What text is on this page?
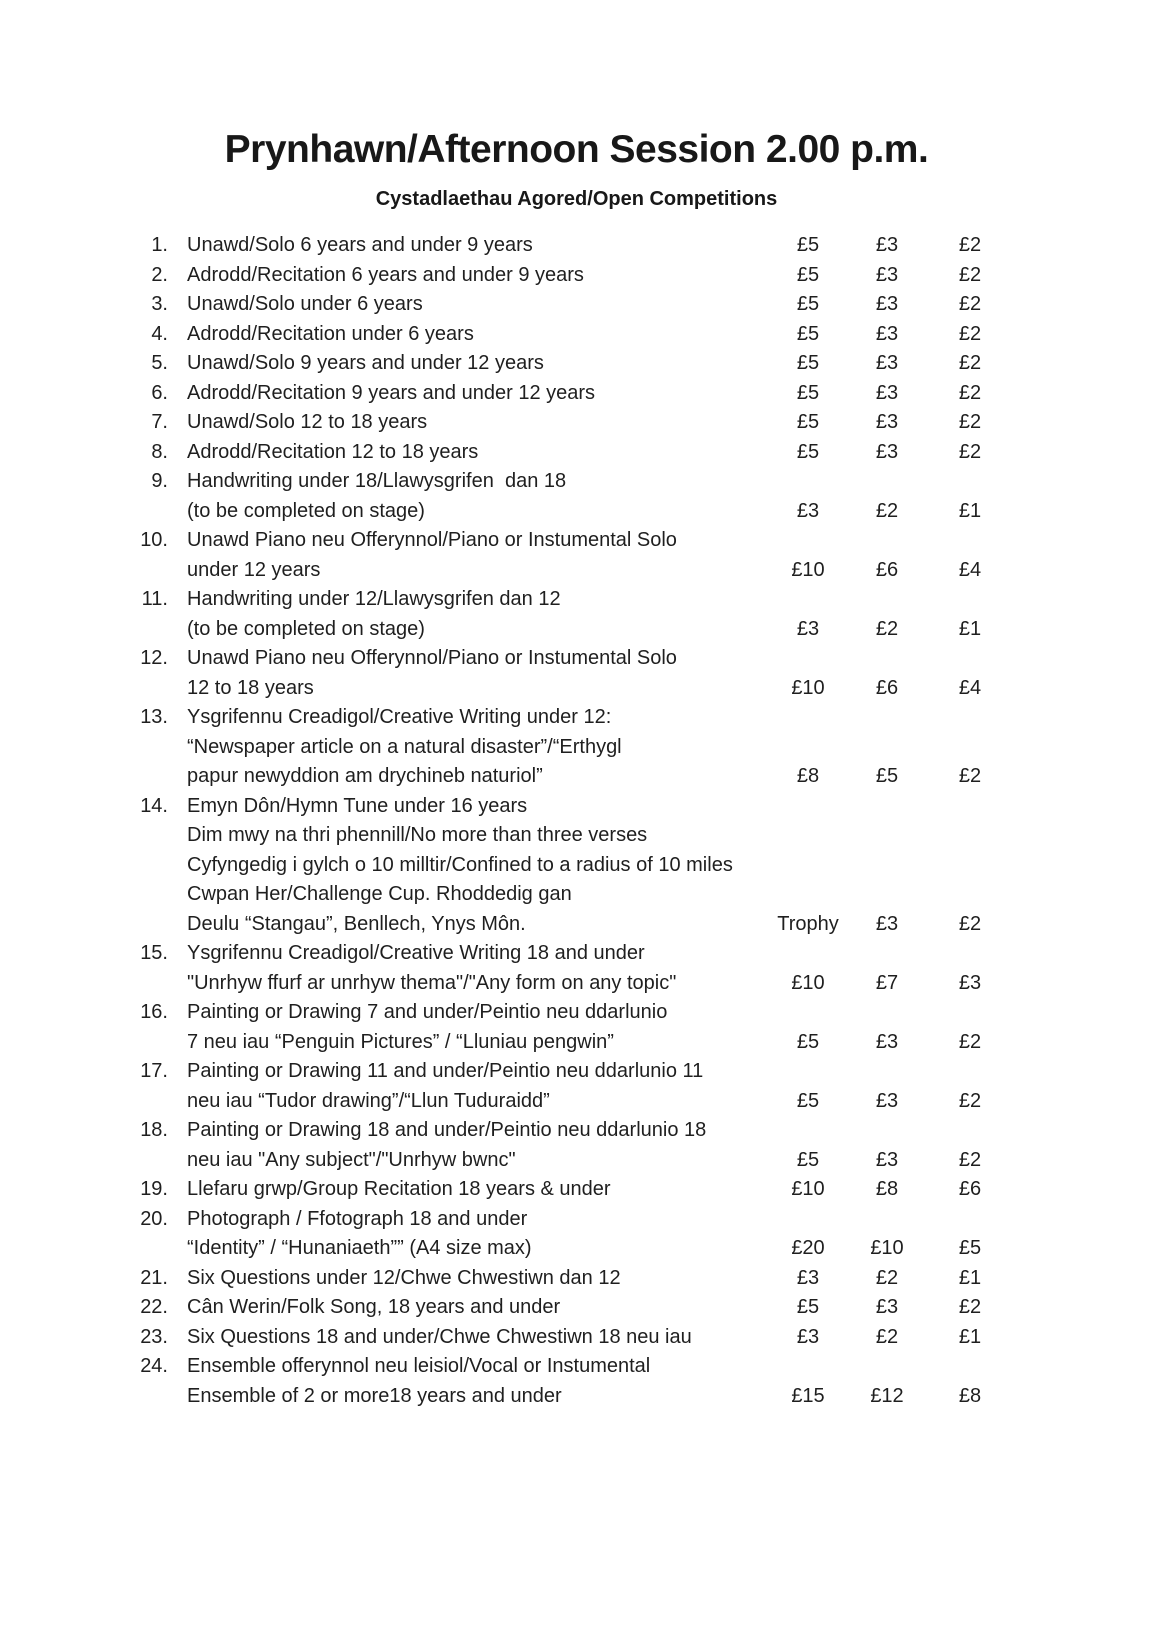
Prynhawn/Afternoon Session 2.00 p.m.
Cystadlaethau Agored/Open Competitions
1. Unawd/Solo 6 years and under 9 years	£5	£3	£2
2. Adrodd/Recitation 6 years and under 9 years	£5	£3	£2
3. Unawd/Solo under 6 years	£5	£3	£2
4. Adrodd/Recitation under 6 years	£5	£3	£2
5. Unawd/Solo 9 years and under 12 years	£5	£3	£2
6. Adrodd/Recitation 9 years and under 12 years	£5	£3	£2
7. Unawd/Solo 12 to 18 years	£5	£3	£2
8. Adrodd/Recitation 12 to 18 years	£5	£3	£2
9. Handwriting under 18/Llawysgrifen  dan 18
(to be completed on stage)	£3	£2	£1
10. Unawd Piano neu Offerynnol/Piano or Instumental Solo
under 12 years	£10	£6	£4
11. Handwriting under 12/Llawysgrifen dan 12
(to be completed on stage)	£3	£2	£1
12. Unawd Piano neu Offerynnol/Piano or Instumental Solo
12 to 18 years	£10	£6	£4
13. Ysgrifennu Creadigol/Creative Writing under 12:
“Newspaper article on a natural disaster”/“Erthygl
papur newyddion am drychineb naturiol”	£8	£5	£2
14. Emyn Dôn/Hymn Tune under 16 years
Dim mwy na thri phennill/No more than three verses
Cyfyngedig i gylch o 10 milltir/Confined to a radius of 10 miles
Cwpan Her/Challenge Cup. Rhoddedig gan
Deulu “Stangau”, Benllech, Ynys Môn.	Trophy	£3	£2
15. Ysgrifennu Creadigol/Creative Writing 18 and under
"Unrhyw ffurf ar unrhyw thema"/"Any form on any topic"	£10	£7	£3
16. Painting or Drawing 7 and under/Peintio neu ddarlunio
7 neu iau “Penguin Pictures” / “Lluniau pengwin”	£5	£3	£2
17. Painting or Drawing 11 and under/Peintio neu ddarlunio 11
neu iau “Tudor drawing”/“Llun Tuduraidd”	£5	£3	£2
18. Painting or Drawing 18 and under/Peintio neu ddarlunio 18
neu iau "Any subject"/"Unrhyw bwnc"	£5	£3	£2
19. Llefaru grwp/Group Recitation 18 years & under	£10	£8	£6
20. Photograph / Ffotograph 18 and under
“Identity” / “Hunaniaeth”” (A4 size max)	£20	£10	£5
21. Six Questions under 12/Chwe Chwestiwn dan 12	£3	£2	£1
22. Cân Werin/Folk Song, 18 years and under	£5	£3	£2
23. Six Questions 18 and under/Chwe Chwestiwn 18 neu iau	£3	£2	£1
24. Ensemble offerynnol neu leisiol/Vocal or Instumental
Ensemble of 2 or more18 years and under	£15	£12	£8
